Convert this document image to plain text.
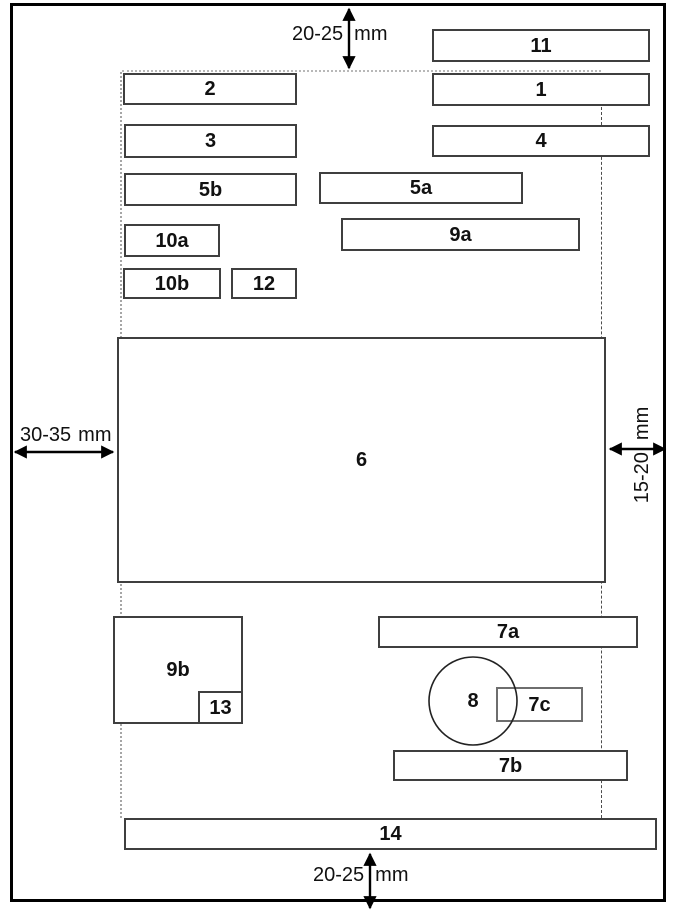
11
2	1
3	4
5b	5a
10a	9a
10b	12
6
9b
13
7a
7c
7b
14
8
20-25 mm
30-35 mm
15-20
mm
20-25 mm
